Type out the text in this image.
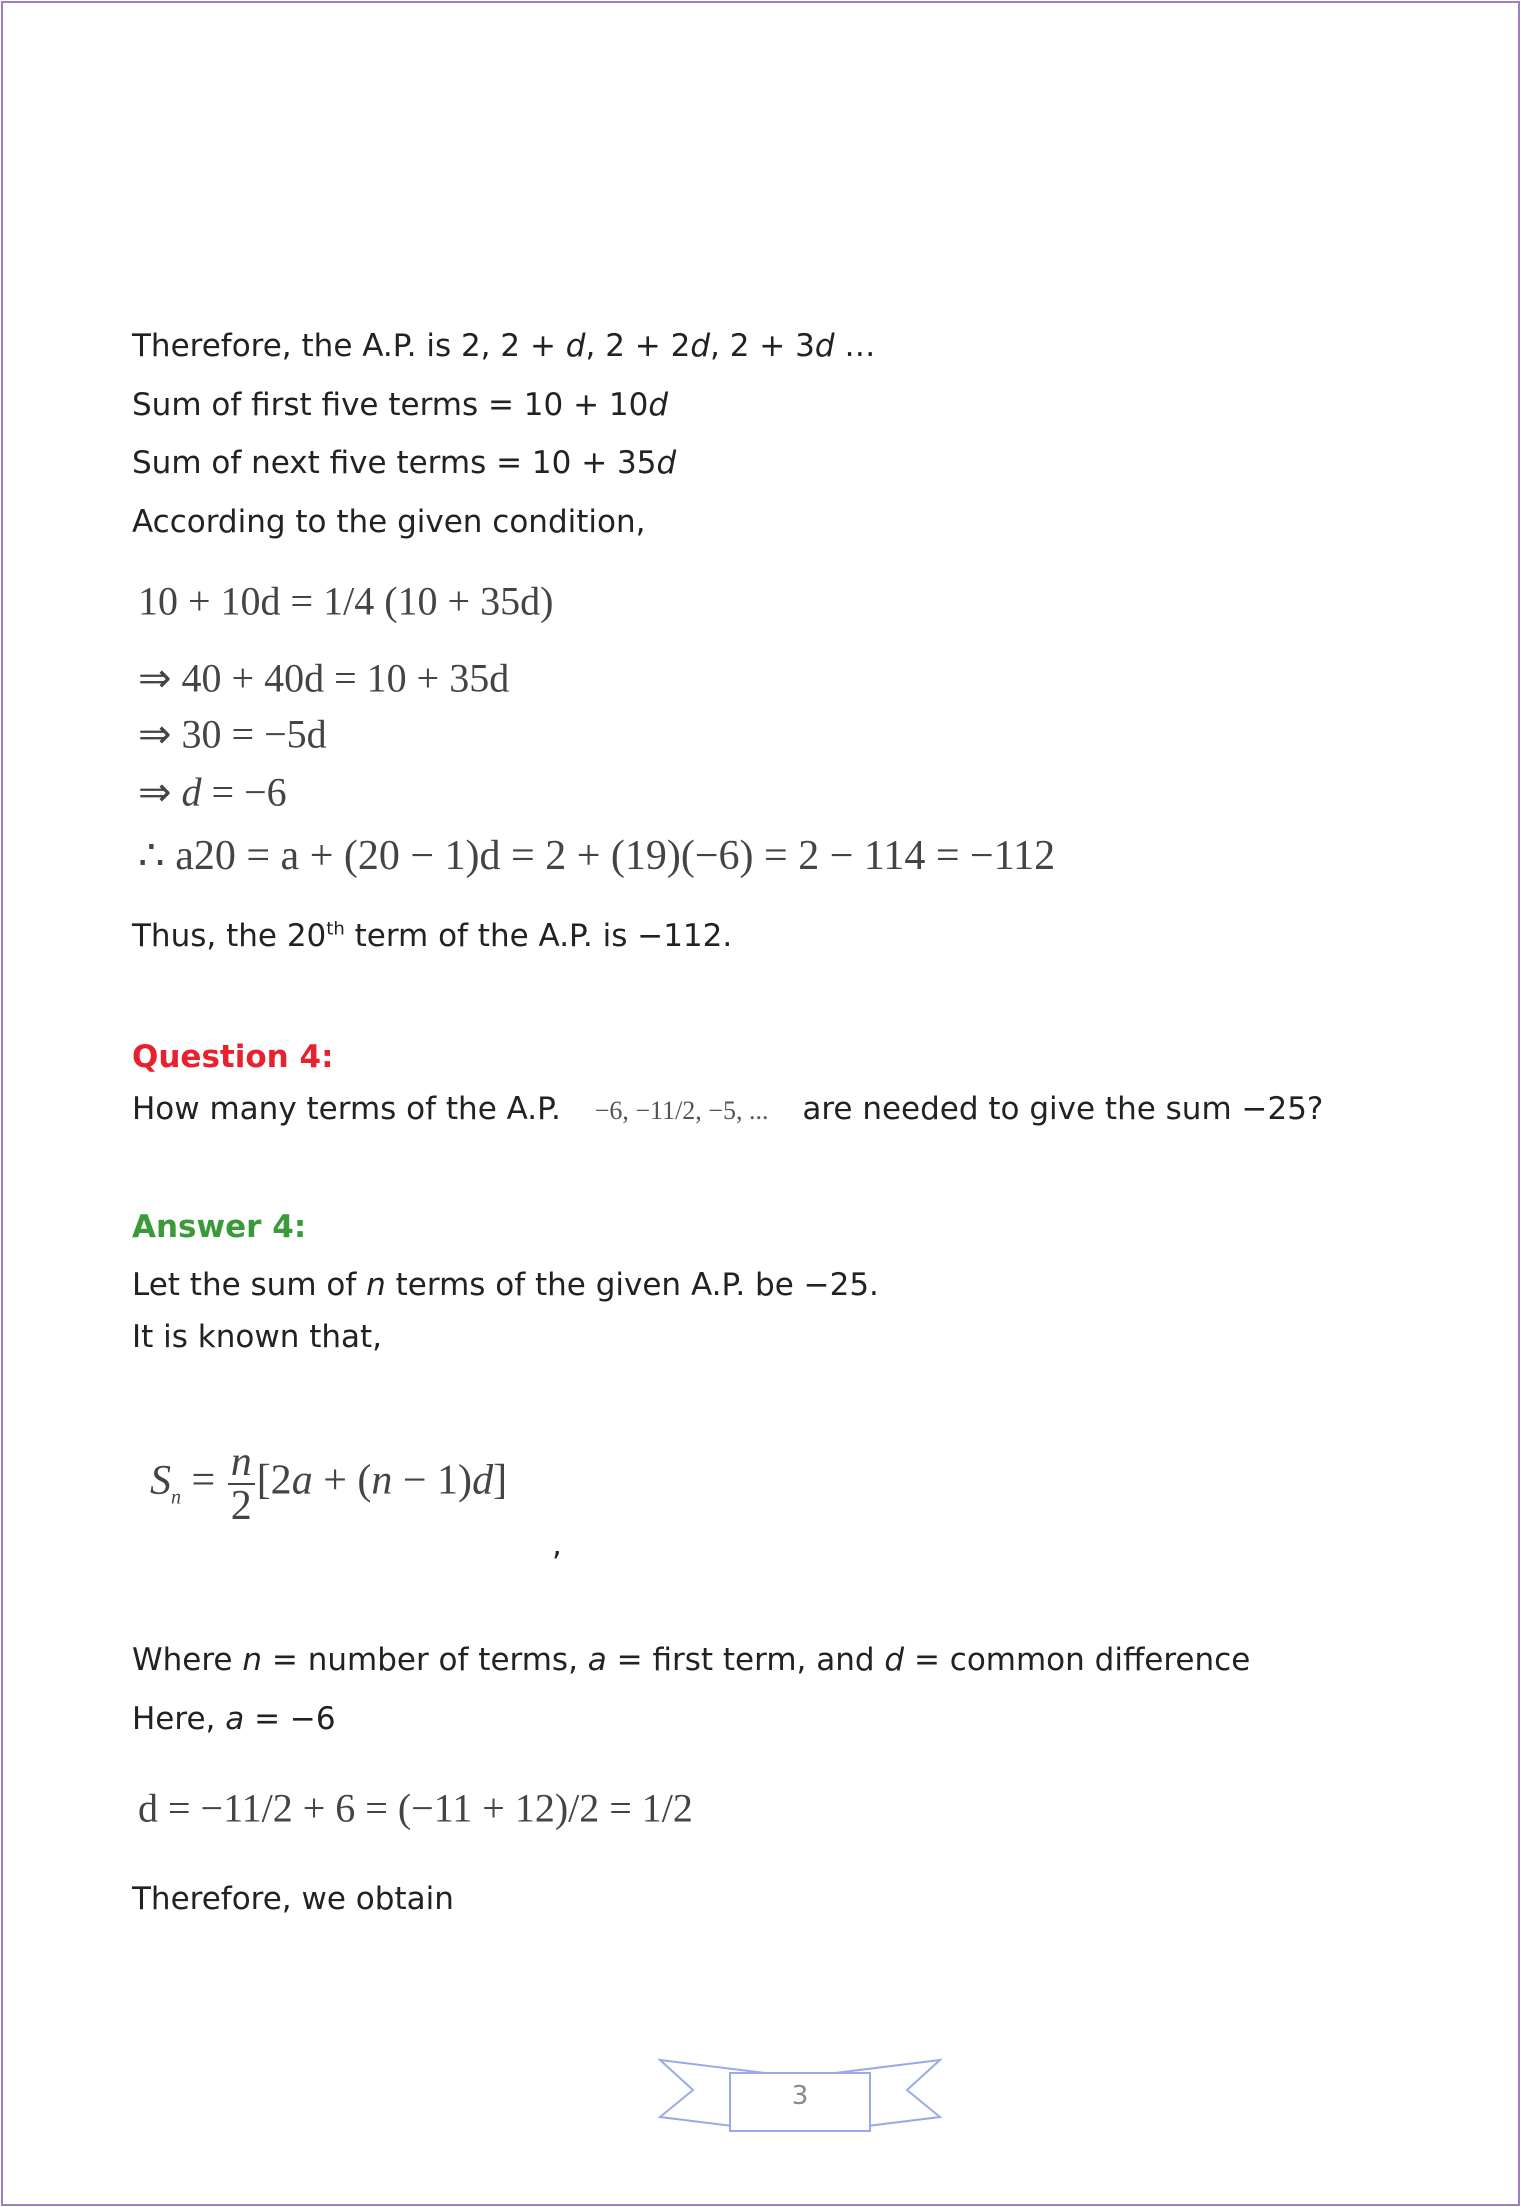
Therefore, the A.P. is 2, 2 + d, 2 + 2d, 2 + 3d …
Sum of first five terms = 10 + 10d
Sum of next five terms = 10 + 35d
According to the given condition,
10 + 10d = 1/4 (10 + 35d)
⇒ 40 + 40d = 10 + 35d
⇒ 30 = −5d
⇒ d = −6
∴ a20 = a + (20 − 1)d = 2 + (19)(−6) = 2 − 114 = −112
Thus, the 20th term of the A.P. is −112.
Question 4:
How many terms of the A.P. −6, −11/2, −5, ... are needed to give the sum −25?
Answer 4:
Let the sum of n terms of the given A.P. be −25.
It is known that,
$S_n = \frac{n}{2} [2a + (n - 1)d]$
,
Where n = number of terms, a = first term, and d = common difference
Here, a = −6
d = −11/2 + 6 = (−11 + 12)/2 = 1/2
Therefore, we obtain
3
